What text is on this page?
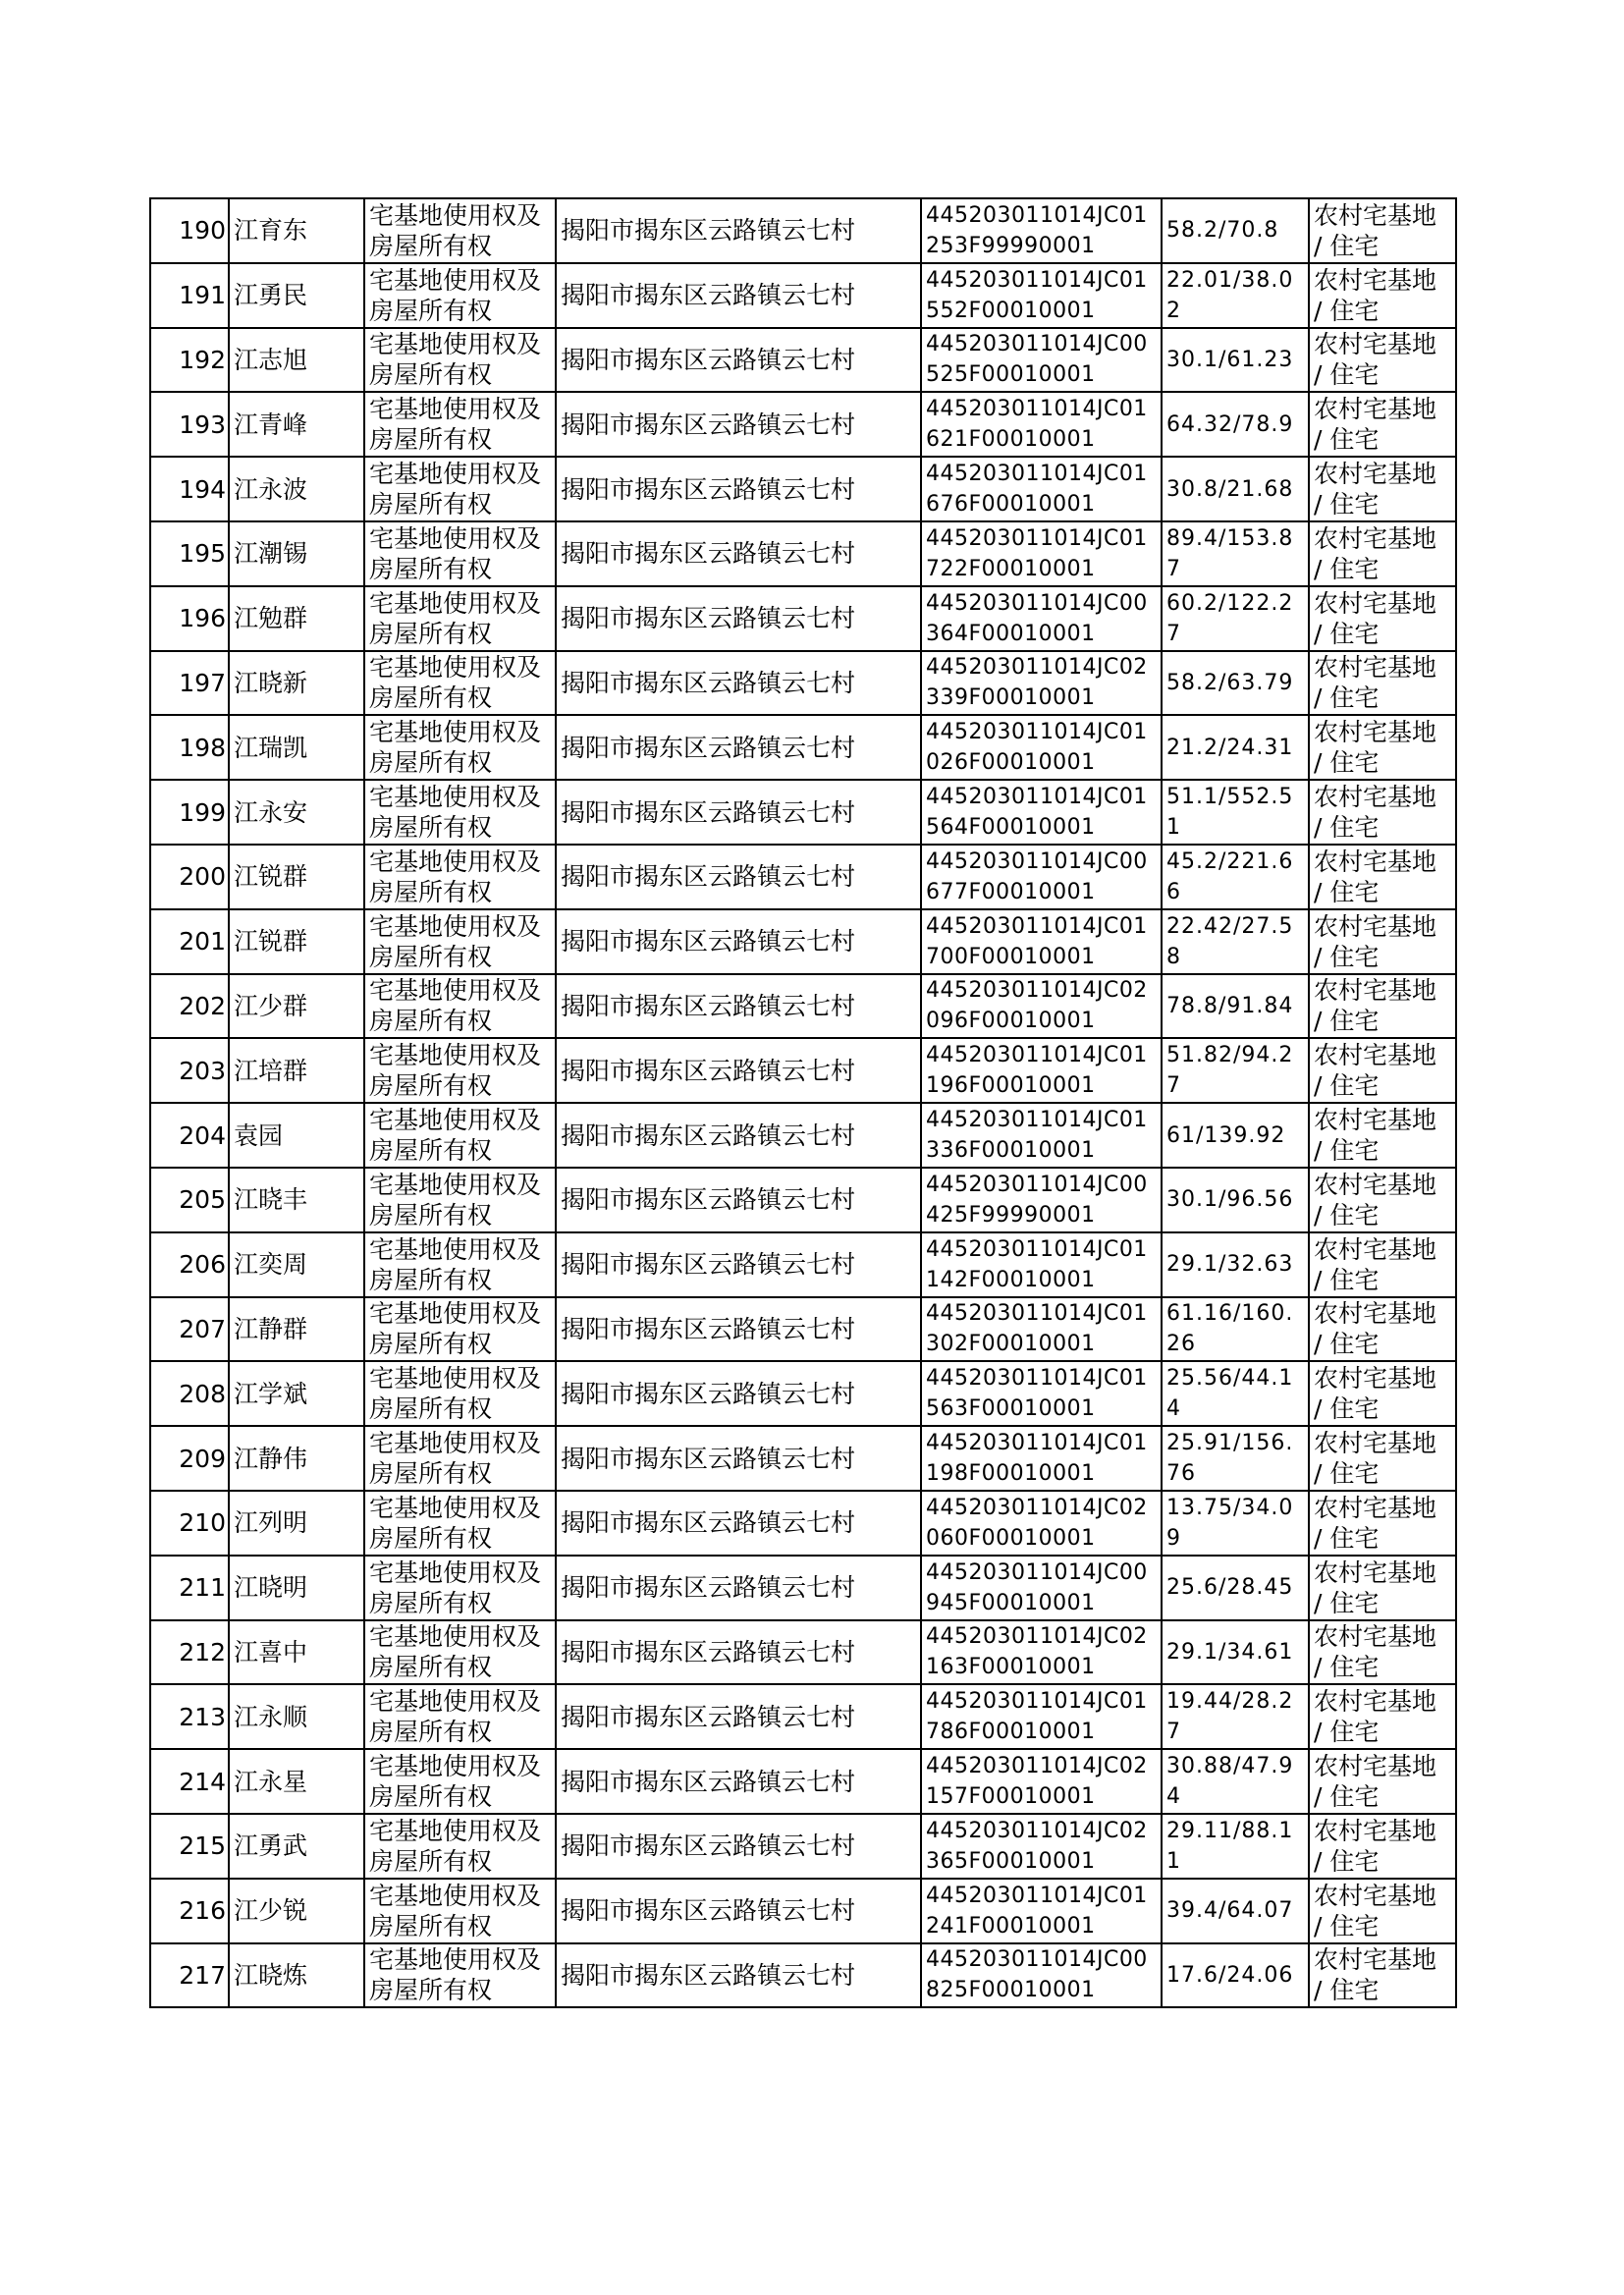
190	江育东	宅基地使用权及房屋所有权	揭阳市揭东区云路镇云七村	445203011014JC01253F99990001	58.2/70.8	农村宅基地 / 住宅
191	江勇民	宅基地使用权及房屋所有权	揭阳市揭东区云路镇云七村	445203011014JC01552F00010001	22.01/38.02	农村宅基地 / 住宅
192	江志旭	宅基地使用权及房屋所有权	揭阳市揭东区云路镇云七村	445203011014JC00525F00010001	30.1/61.23	农村宅基地 / 住宅
193	江青峰	宅基地使用权及房屋所有权	揭阳市揭东区云路镇云七村	445203011014JC01621F00010001	64.32/78.9	农村宅基地 / 住宅
194	江永波	宅基地使用权及房屋所有权	揭阳市揭东区云路镇云七村	445203011014JC01676F00010001	30.8/21.68	农村宅基地 / 住宅
195	江潮锡	宅基地使用权及房屋所有权	揭阳市揭东区云路镇云七村	445203011014JC01722F00010001	89.4/153.87	农村宅基地 / 住宅
196	江勉群	宅基地使用权及房屋所有权	揭阳市揭东区云路镇云七村	445203011014JC00364F00010001	60.2/122.27	农村宅基地 / 住宅
197	江晓新	宅基地使用权及房屋所有权	揭阳市揭东区云路镇云七村	445203011014JC02339F00010001	58.2/63.79	农村宅基地 / 住宅
198	江瑞凯	宅基地使用权及房屋所有权	揭阳市揭东区云路镇云七村	445203011014JC01026F00010001	21.2/24.31	农村宅基地 / 住宅
199	江永安	宅基地使用权及房屋所有权	揭阳市揭东区云路镇云七村	445203011014JC01564F00010001	51.1/552.51	农村宅基地 / 住宅
200	江锐群	宅基地使用权及房屋所有权	揭阳市揭东区云路镇云七村	445203011014JC00677F00010001	45.2/221.66	农村宅基地 / 住宅
201	江锐群	宅基地使用权及房屋所有权	揭阳市揭东区云路镇云七村	445203011014JC01700F00010001	22.42/27.58	农村宅基地 / 住宅
202	江少群	宅基地使用权及房屋所有权	揭阳市揭东区云路镇云七村	445203011014JC02096F00010001	78.8/91.84	农村宅基地 / 住宅
203	江培群	宅基地使用权及房屋所有权	揭阳市揭东区云路镇云七村	445203011014JC01196F00010001	51.82/94.27	农村宅基地 / 住宅
204	袁园	宅基地使用权及房屋所有权	揭阳市揭东区云路镇云七村	445203011014JC01336F00010001	61/139.92	农村宅基地 / 住宅
205	江晓丰	宅基地使用权及房屋所有权	揭阳市揭东区云路镇云七村	445203011014JC00425F99990001	30.1/96.56	农村宅基地 / 住宅
206	江奕周	宅基地使用权及房屋所有权	揭阳市揭东区云路镇云七村	445203011014JC01142F00010001	29.1/32.63	农村宅基地 / 住宅
207	江静群	宅基地使用权及房屋所有权	揭阳市揭东区云路镇云七村	445203011014JC01302F00010001	61.16/160.26	农村宅基地 / 住宅
208	江学斌	宅基地使用权及房屋所有权	揭阳市揭东区云路镇云七村	445203011014JC01563F00010001	25.56/44.14	农村宅基地 / 住宅
209	江静伟	宅基地使用权及房屋所有权	揭阳市揭东区云路镇云七村	445203011014JC01198F00010001	25.91/156.76	农村宅基地 / 住宅
210	江列明	宅基地使用权及房屋所有权	揭阳市揭东区云路镇云七村	445203011014JC02060F00010001	13.75/34.09	农村宅基地 / 住宅
211	江晓明	宅基地使用权及房屋所有权	揭阳市揭东区云路镇云七村	445203011014JC00945F00010001	25.6/28.45	农村宅基地 / 住宅
212	江喜中	宅基地使用权及房屋所有权	揭阳市揭东区云路镇云七村	445203011014JC02163F00010001	29.1/34.61	农村宅基地 / 住宅
213	江永顺	宅基地使用权及房屋所有权	揭阳市揭东区云路镇云七村	445203011014JC01786F00010001	19.44/28.27	农村宅基地 / 住宅
214	江永星	宅基地使用权及房屋所有权	揭阳市揭东区云路镇云七村	445203011014JC02157F00010001	30.88/47.94	农村宅基地 / 住宅
215	江勇武	宅基地使用权及房屋所有权	揭阳市揭东区云路镇云七村	445203011014JC02365F00010001	29.11/88.11	农村宅基地 / 住宅
216	江少锐	宅基地使用权及房屋所有权	揭阳市揭东区云路镇云七村	445203011014JC01241F00010001	39.4/64.07	农村宅基地 / 住宅
217	江晓炼	宅基地使用权及房屋所有权	揭阳市揭东区云路镇云七村	445203011014JC00825F00010001	17.6/24.06	农村宅基地 / 住宅
